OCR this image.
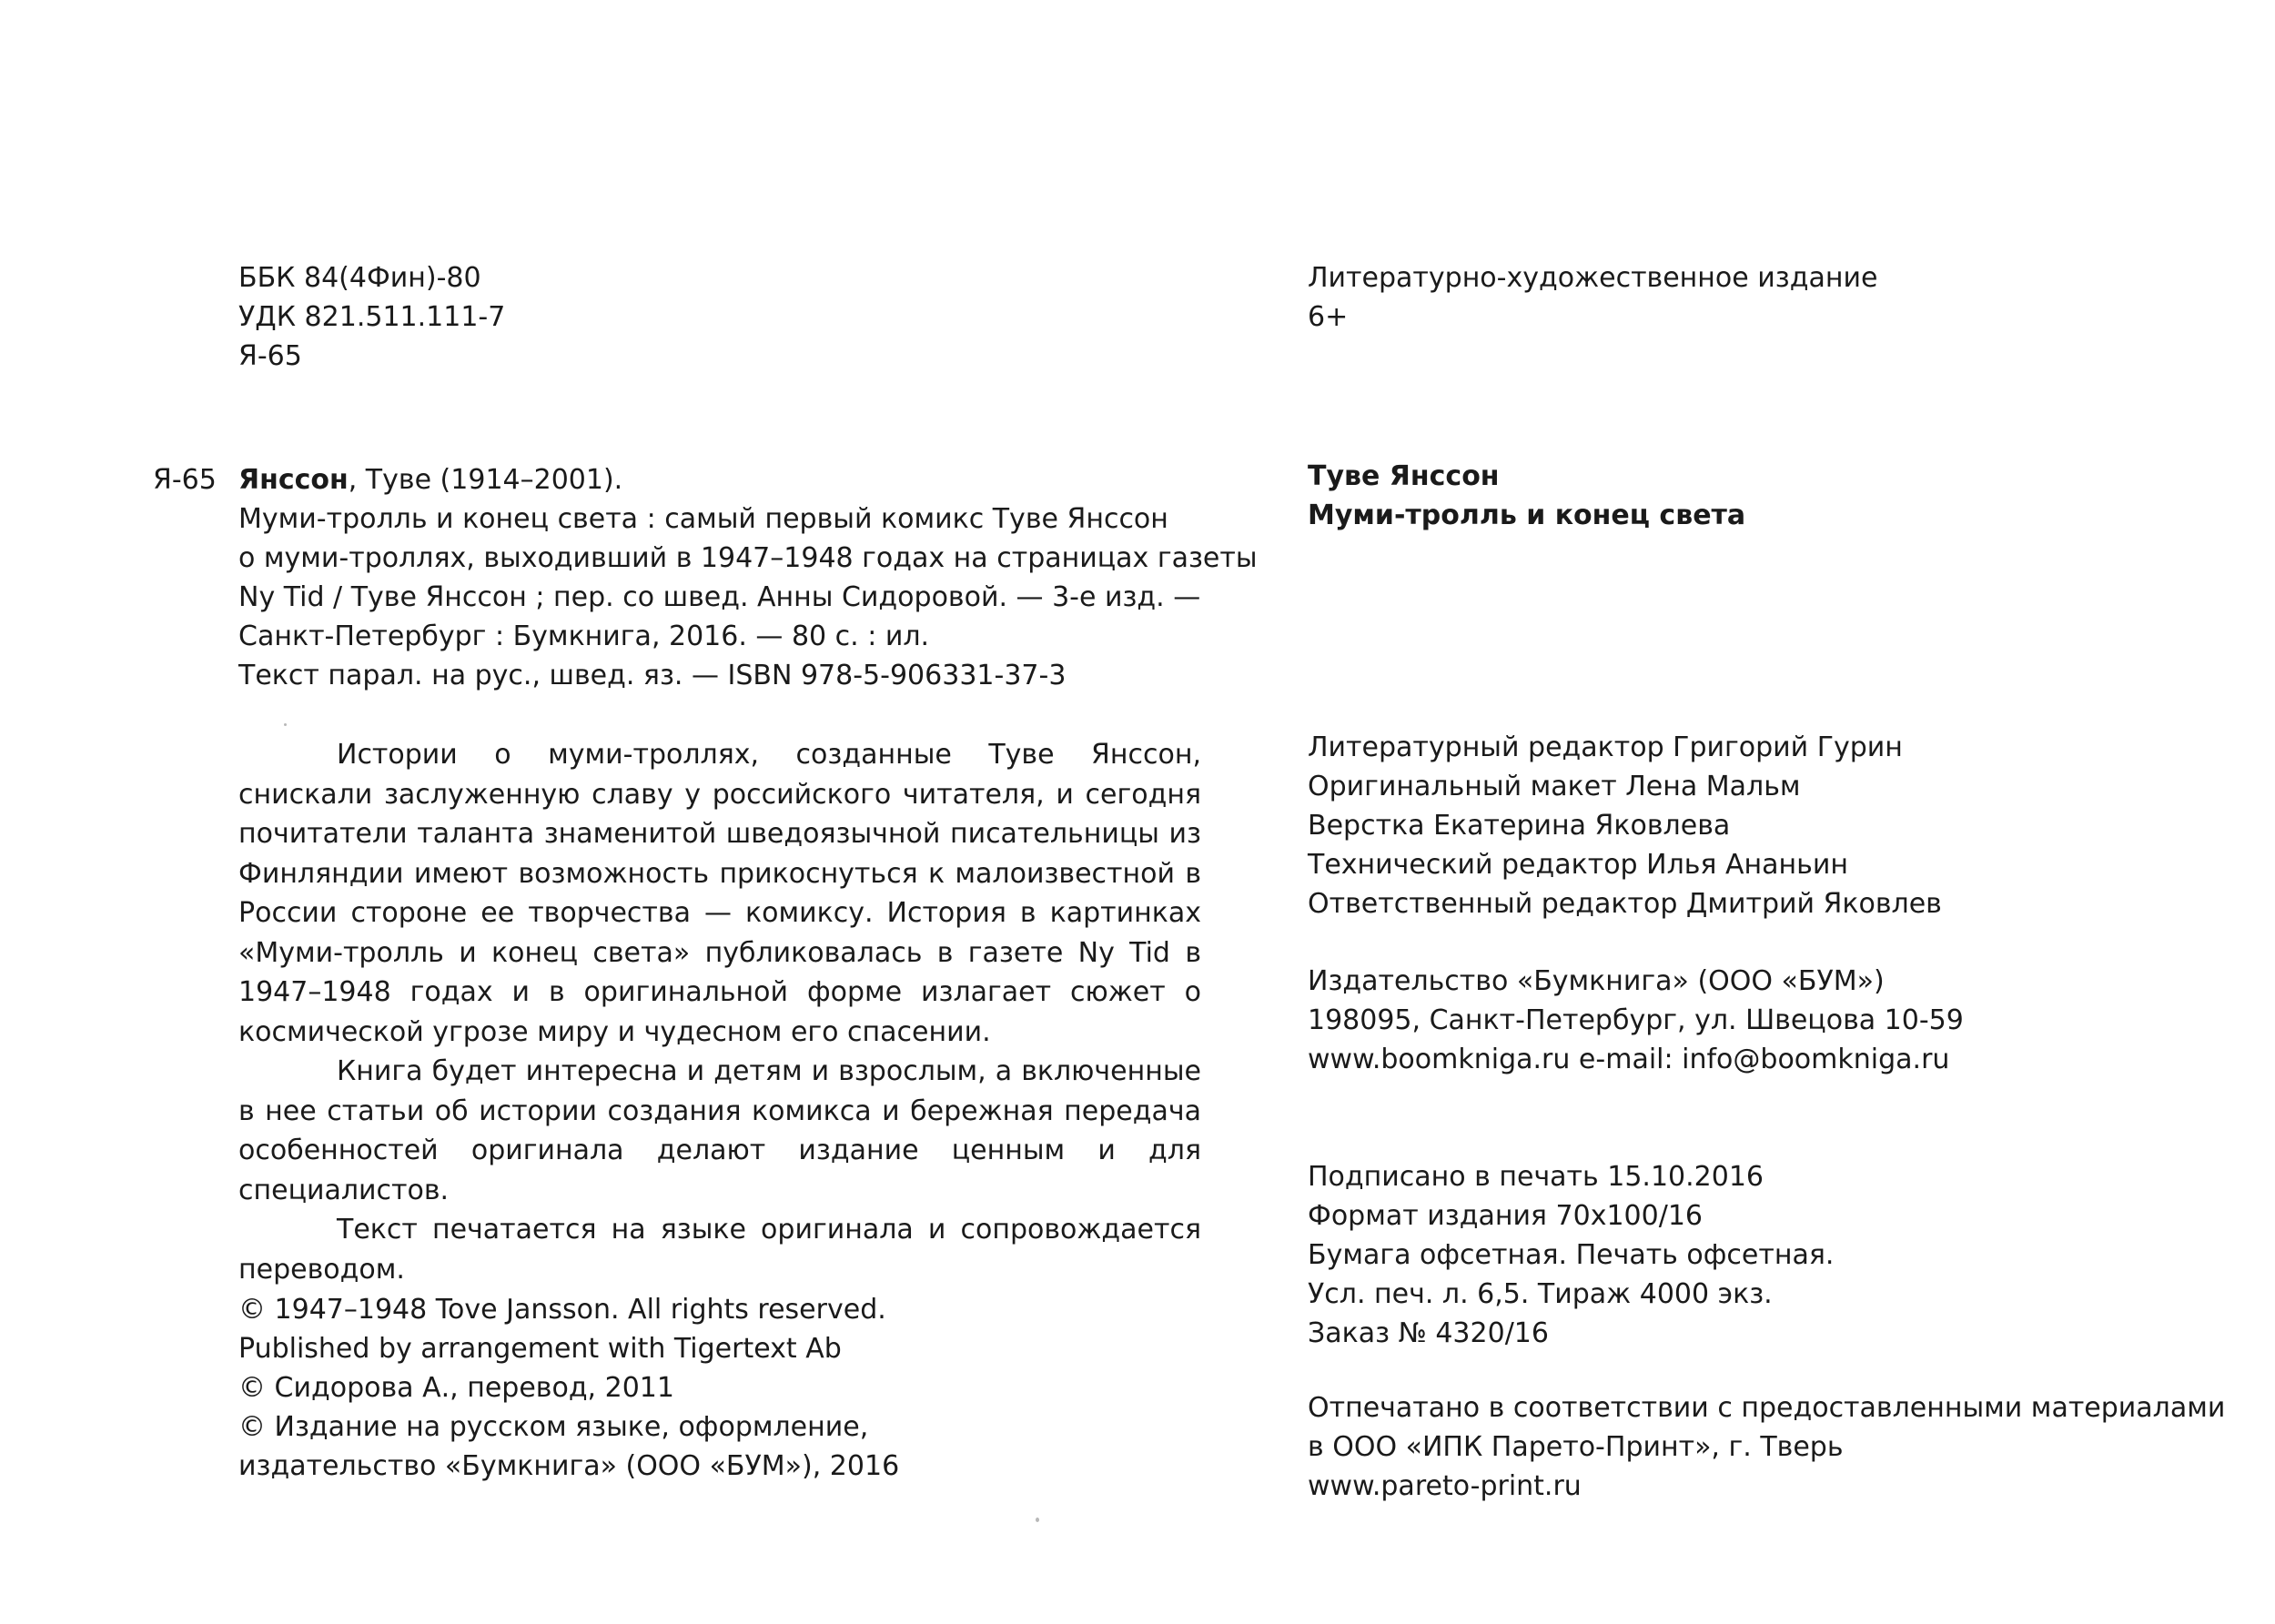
ББК 84(4Фин)-80
УДК 821.511.111-7
Я-65
Я-65 Янссон, Туве (1914–2001).
Муми-тролль и конец света : самый первый комикс Туве Янссон
о муми-троллях, выходивший в 1947–1948 годах на страницах газеты
Ny Tid / Туве Янссон ; пер. со швед. Анны Сидоровой. — 3-е изд. —
Санкт-Петербург : Бумкнига, 2016. — 80 с. : ил.
Текст парал. на рус., швед. яз. — ISBN 978-5-906331-37-3

Истории о муми-троллях, созданные Туве Янссон, снискали заслуженную славу у российского читателя, и сегодня почитатели таланта знаменитой шведоязычной писательницы из Финляндии имеют возможность прикоснуться к малоизвестной в России стороне ее творчества — комиксу. История в картинках «Муми-тролль и конец света» публиковалась в газете Ny Tid в 1947–1948 годах и в оригинальной форме излагает сюжет о космической угрозе миру и чудесном его спасении.

Книга будет интересна и детям и взрослым, а включенные в нее статьи об истории создания комикса и бережная передача особенностей оригинала делают издание ценным и для специалистов.

Текст печатается на языке оригинала и сопровождается переводом.

© 1947–1948 Tove Jansson. All rights reserved.
Published by arrangement with Tigertext Ab
© Сидорова А., перевод, 2011
© Издание на русском языке, оформление,
издательство «Бумкнига» (ООО «БУМ»), 2016
Литературно-художественное издание
6+
Туве Янссон
Муми-тролль и конец света
Литературный редактор Григорий Гурин
Оригинальный макет Лена Мальм
Верстка Екатерина Яковлева
Технический редактор Илья Ананьин
Ответственный редактор Дмитрий Яковлев
Издательство «Бумкнига» (ООО «БУМ»)
198095, Санкт-Петербург, ул. Швецова 10-59
www.boomkniga.ru e-mail: info@boomkniga.ru
Подписано в печать 15.10.2016
Формат издания 70x100/16
Бумага офсетная. Печать офсетная.
Усл. печ. л. 6,5. Тираж 4000 экз.
Заказ № 4320/16
Отпечатано в соответствии с предоставленными материалами
в ООО «ИПК Парето-Принт», г. Тверь
www.pareto-print.ru
